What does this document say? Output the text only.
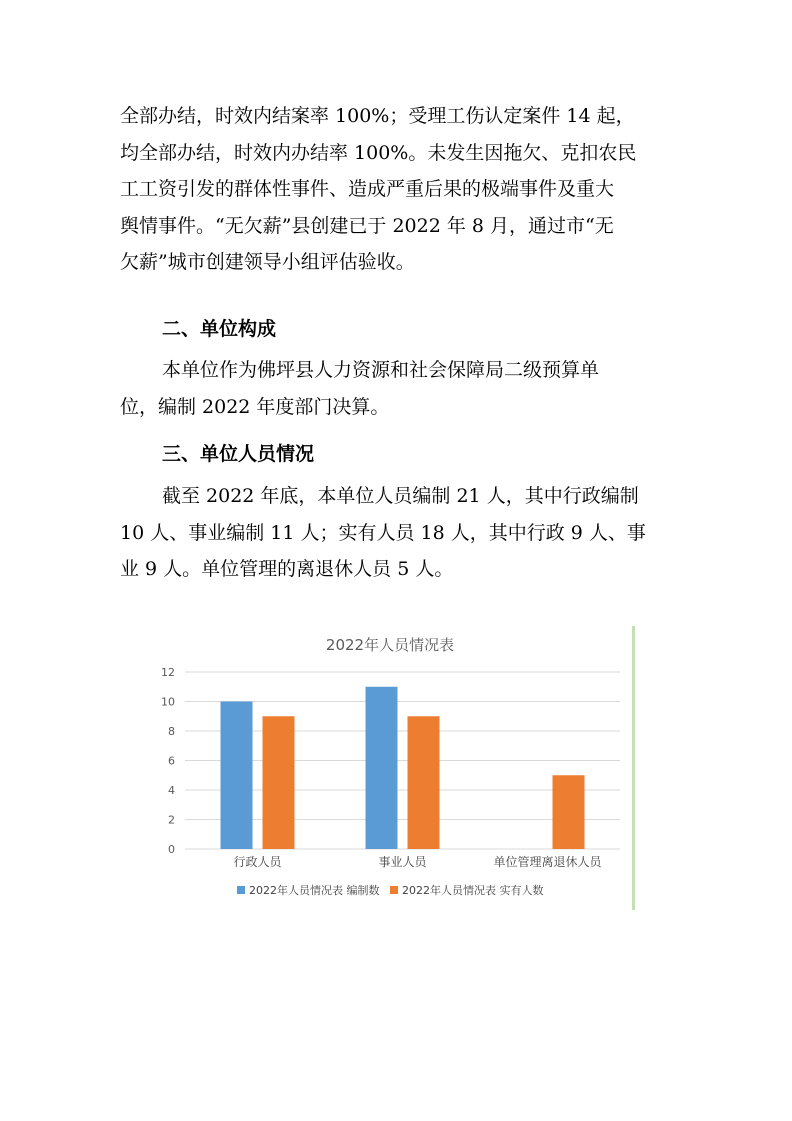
全部办结，时效内结案率 100%；受理工伤认定案件 14 起，
均全部办结，时效内办结率 100%。未发生因拖欠、克扣农民
工工资引发的群体性事件、造成严重后果的极端事件及重大
舆情事件。“无欠薪”县创建已于 2022 年 8 月，通过市“无
欠薪”城市创建领导小组评估验收。
二、单位构成
本单位作为佛坪县人力资源和社会保障局二级预算单
位，编制 2022 年度部门决算。
三、单位人员情况
截至 2022 年底，本单位人员编制 21 人，其中行政编制
10 人、事业编制 11 人；实有人员 18 人，其中行政 9 人、事
业 9 人。单位管理的离退休人员 5 人。
2022年人员情况表
0
2
4
6
8
10
12
行政人员	事业人员	单位管理离退休人员
2022年人员情况表 编制数 2022年人员情况表 实有人数
